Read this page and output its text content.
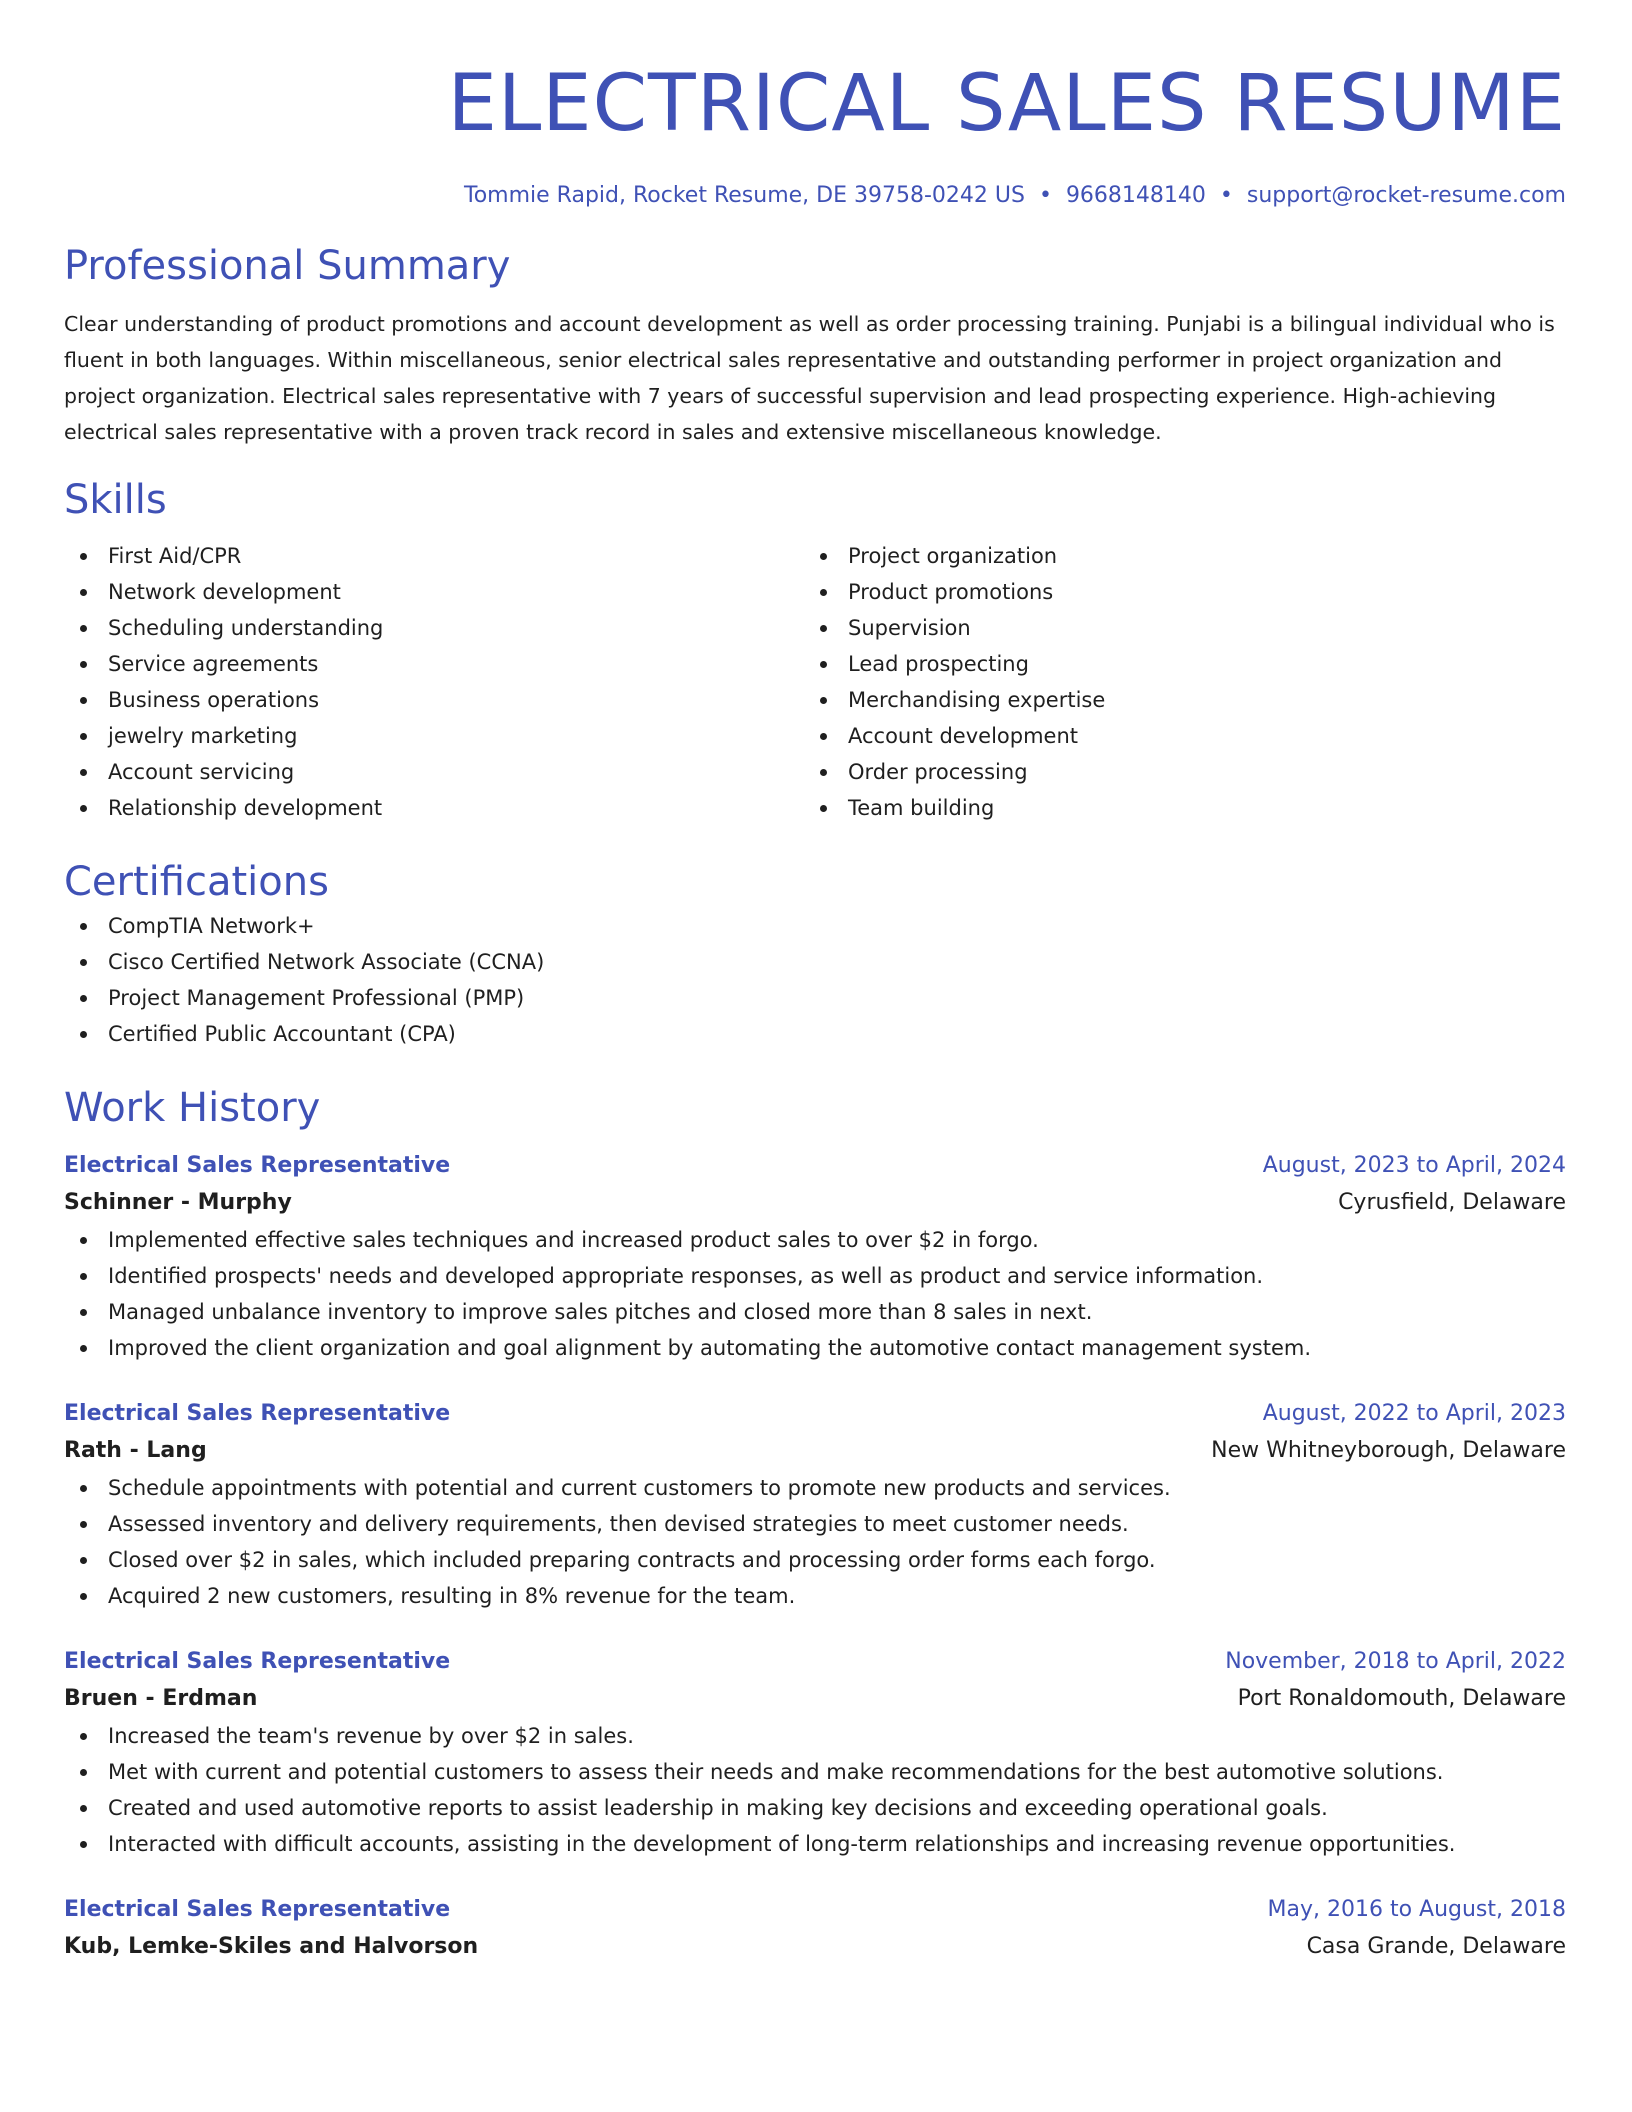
ELECTRICAL SALES RESUME
Tommie Rapid, Rocket Resume, DE 39758-0242 US • 9668148140 • support@rocket-resume.com
Professional Summary

Clear understanding of product promotions and account development as well as order processing training. Punjabi is a bilingual individual who is fluent in both languages. Within miscellaneous, senior electrical sales representative and outstanding performer in project organization and project organization. Electrical sales representative with 7 years of successful supervision and lead prospecting experience. High-achieving electrical sales representative with a proven track record in sales and extensive miscellaneous knowledge.

Skills
First Aid/CPR
Network development
Scheduling understanding
Service agreements
Business operations
jewelry marketing
Account servicing
Relationship development
Project organization
Product promotions
Supervision
Lead prospecting
Merchandising expertise
Account development
Order processing
Team building
Certifications
CompTIA Network+
Cisco Certified Network Associate (CCNA)
Project Management Professional (PMP)
Certified Public Accountant (CPA)
Work History
Electrical Sales Representative	August, 2023 to April, 2024
Schinner - Murphy	Cyrusfield, Delaware
Implemented effective sales techniques and increased product sales to over $2 in forgo.
Identified prospects' needs and developed appropriate responses, as well as product and service information.
Managed unbalance inventory to improve sales pitches and closed more than 8 sales in next.
Improved the client organization and goal alignment by automating the automotive contact management system.
Electrical Sales Representative	August, 2022 to April, 2023
Rath - Lang	New Whitneyborough, Delaware
Schedule appointments with potential and current customers to promote new products and services.
Assessed inventory and delivery requirements, then devised strategies to meet customer needs.
Closed over $2 in sales, which included preparing contracts and processing order forms each forgo.
Acquired 2 new customers, resulting in 8% revenue for the team.
Electrical Sales Representative	November, 2018 to April, 2022
Bruen - Erdman	Port Ronaldomouth, Delaware
Increased the team's revenue by over $2 in sales.
Met with current and potential customers to assess their needs and make recommendations for the best automotive solutions.
Created and used automotive reports to assist leadership in making key decisions and exceeding operational goals.
Interacted with difficult accounts, assisting in the development of long-term relationships and increasing revenue opportunities.
Electrical Sales Representative	May, 2016 to August, 2018
Kub, Lemke-Skiles and Halvorson	Casa Grande, Delaware
